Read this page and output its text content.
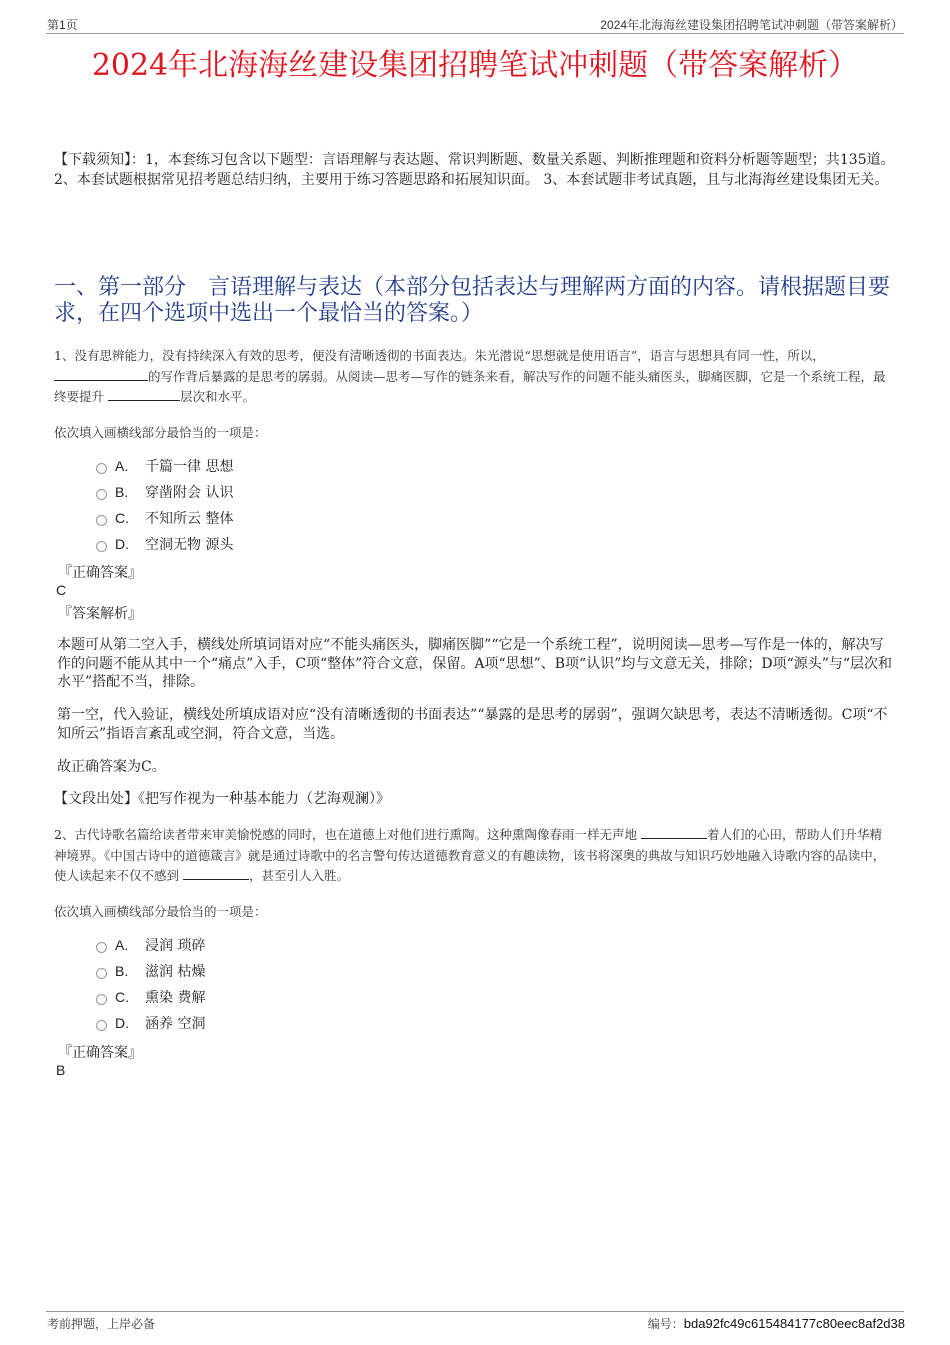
第1页	2024年北海海丝建设集团招聘笔试冲刺题（带答案解析）
2024年北海海丝建设集团招聘笔试冲刺题（带答案解析）
【下载须知】：1，本套练习包含以下题型：言语理解与表达题、常识判断题、数量关系题、判断推理题和资料分析题等题型；共135道。 2、本套试题根据常见招考题总结归纳，主要用于练习答题思路和拓展知识面。 3、本套试题非考试真题，且与北海海丝建设集团无关。
一、第一部分　言语理解与表达（本部分包括表达与理解两方面的内容。请根据题目要求，在四个选项中选出一个最恰当的答案。）
1、没有思辨能力，没有持续深入有效的思考，便没有清晰透彻的书面表达。朱光潜说“思想就是使用语言”，语言与思想具有同一性，所以，
的写作背后暴露的是思考的孱弱。从阅读—思考—写作的链条来看，解决写作的问题不能头痛医头，脚痛医脚，它是一个系统工程，最终要提升	层次和水平。
依次填入画横线部分最恰当的一项是：
A.	千篇一律 思想
B.	穿凿附会 认识
C.	不知所云 整体
D.	空洞无物 源头
『正确答案』
C
『答案解析』
本题可从第二空入手，横线处所填词语对应“不能头痛医头，脚痛医脚”“它是一个系统工程”，说明阅读—思考—写作是一体的，解决写作的问题不能从其中一个“痛点”入手，C项“整体”符合文意，保留。A项“思想”、B项“认识”均与文意无关，排除；D项“源头”与“层次和水平”搭配不当，排除。
第一空，代入验证，横线处所填成语对应“没有清晰透彻的书面表达”“暴露的是思考的孱弱”，强调欠缺思考，表达不清晰透彻。C项“不知所云”指语言紊乱或空洞，符合文意，当选。
故正确答案为C。
【文段出处】《把写作视为一种基本能力（艺海观澜）》
2、古代诗歌名篇给读者带来审美愉悦感的同时，也在道德上对他们进行熏陶。这种熏陶像春雨一样无声地	着人们的心田，帮助人们升华精神境界。《中国古诗中的道德箴言》就是通过诗歌中的名言警句传达道德教育意义的有趣读物，该书将深奥的典故与知识巧妙地融入诗歌内容的品读中，使人读起来不仅不感到	，甚至引人入胜。
依次填入画横线部分最恰当的一项是：
A.	浸润 琐碎
B.	滋润 枯燥
C.	熏染 费解
D.	涵养 空洞
『正确答案』
B
考前押题，上岸必备	编号：bda92fc49c615484177c80eec8af2d38
